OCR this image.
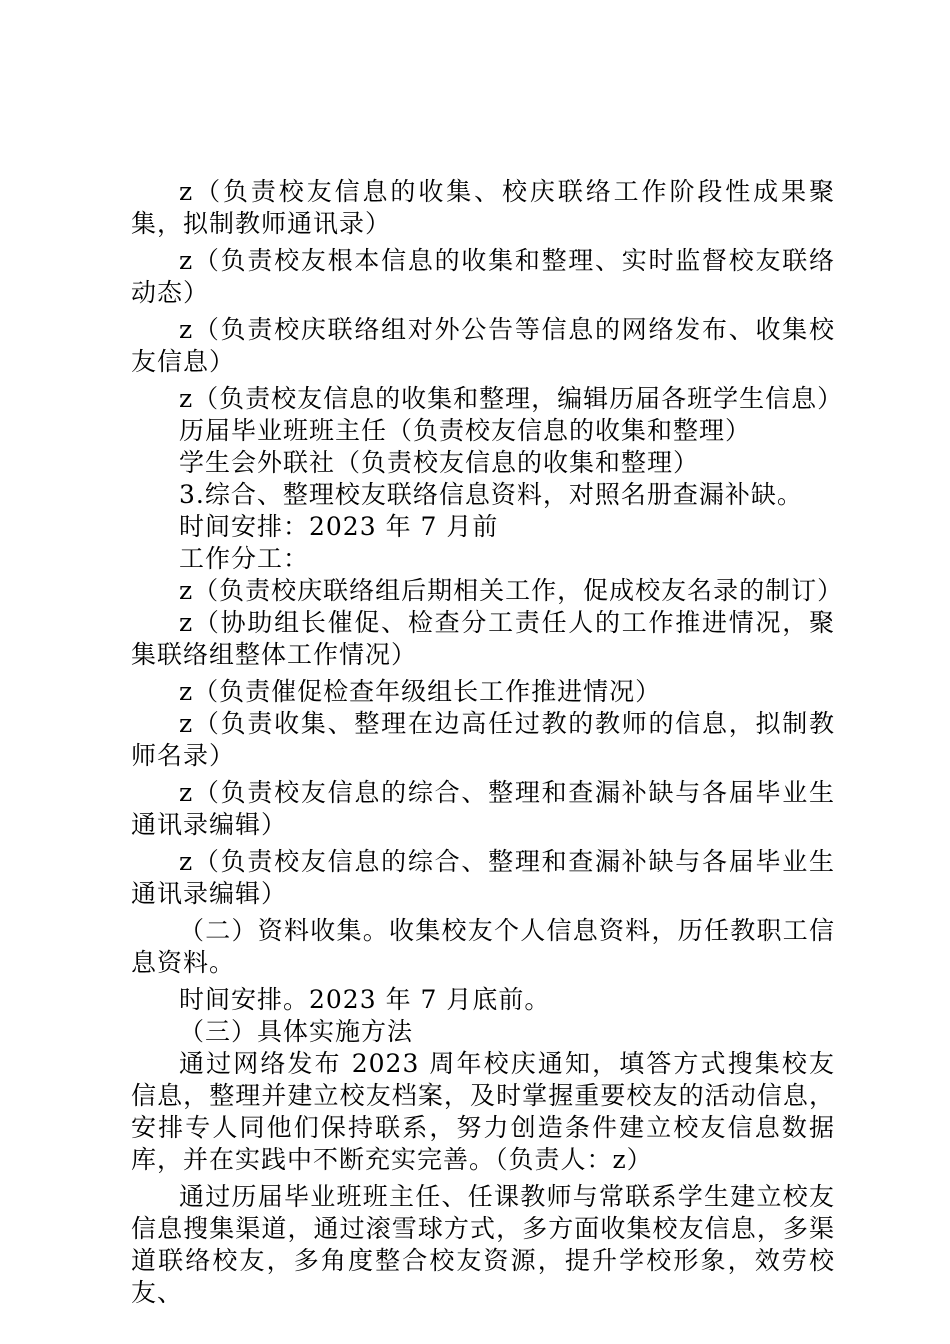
z（负责校友信息的收集、校庆联络工作阶段性成果聚集，拟制教师通讯录）

z（负责校友根本信息的收集和整理、实时监督校友联络动态）

z（负责校庆联络组对外公告等信息的网络发布、收集校友信息）

z（负责校友信息的收集和整理，编辑历届各班学生信息）

历届毕业班班主任（负责校友信息的收集和整理）

学生会外联社（负责校友信息的收集和整理）

3.综合、整理校友联络信息资料，对照名册查漏补缺。

时间安排：2023 年 7 月前

工作分工：

z（负责校庆联络组后期相关工作，促成校友名录的制订）

z（协助组长催促、检查分工责任人的工作推进情况，聚集联络组整体工作情况）

z（负责催促检查年级组长工作推进情况）

z（负责收集、整理在边高任过教的教师的信息，拟制教师名录）

z（负责校友信息的综合、整理和查漏补缺与各届毕业生通讯录编辑）

z（负责校友信息的综合、整理和查漏补缺与各届毕业生通讯录编辑）

（二）资料收集。收集校友个人信息资料，历任教职工信息资料。

时间安排。2023 年 7 月底前。

（三）具体实施方法

通过网络发布 2023 周年校庆通知，填答方式搜集校友信息，整理并建立校友档案，及时掌握重要校友的活动信息，安排专人同他们保持联系，努力创造条件建立校友信息数据库，并在实践中不断充实完善。（负责人：z）

通过历届毕业班班主任、任课教师与常联系学生建立校友信息搜集渠道，通过滚雪球方式，多方面收集校友信息，多渠道联络校友，多角度整合校友资源，提升学校形象，效劳校友、
